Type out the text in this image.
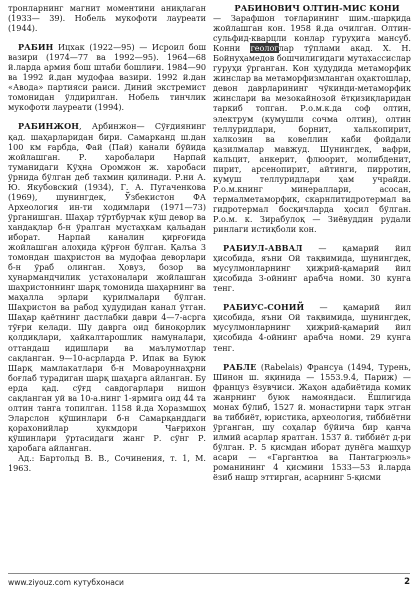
тронларнинг магнит моментини аниқлаган (1933— 39). Нобель мукофоти лауреати (1944).

РАБИН Ицхак (1922—95) — Исроил бош вазири (1974—77 ва 1992—95). 1964—68 й.ларда армия бош штаби бошлиғи. 1984—90 ва 1992 й.дан мудофаа вазири. 1992 й.дан «Авода» партияси раиси. Диний экстремист томонидан ўлдирилган. Нобель тинчлик мукофоти лауреати (1994).

РАБИНЖОН, Арбинжон— Сўғдиянинг қад. шаҳарларидан бири. Самарканд ш.дан 100 км ғарбда, Фай (Пай) канали бўйида жойлашган. Р. харобалари Нарпай туманидаги Кўҳна Оромжон ж. харобаси ўрнида бўлган деб тахмин қилинади. Р.ни А. Ю. Якубовский (1934), Г. А. Пугаченкова (1969), шунингдек, Ўзбекистон ФА Археология ин-ти ходимлари (1971—73) ўрганишган. Шаҳар тўртбурчак кўш девор ва хандақлар б-н ўралган мустаҳкам қальадан иборат. Нарпай каналин қирғоғида жойлашган алоҳида қўрғон бўлган. Қалъа 3 томондан шаҳристон ва мудофаа деворлари б-н ўраб олинган. Ҳовуз, бозор ва ҳунармандчилик устахоналари жойлашган шаҳристоннинг шарқ томонида шаҳарнинг ва маҳалла эрлари қурилмалари бўлган. Шаҳристон ва рабод ҳудудидан канал ўтган. Шаҳар қаётнинг дастлабки даври 4—7-асрга тўғри келади. Шу даврга оид биноқорлик қолдиқлари, ҳайкалтарошлик намуналари, оттандаш идишлари ва маълумотлар сақланган. 9—10-асрларда Р. Ипак ва Буюк Шарқ мамлакатлари б-н Мовароуннаҳрни боғлаб турадиган шарқ шаҳарга айланган. Бу ерда қад. сўғд савдогарлари нишон сақланган уй ва 10-а.нинг 1-ярмига оид 44 та олтин танга топилган. 1158 й.да Хоразмшоҳ Эларслон қўшинлари б-н Самарқанддаги қорахонийлар ҳукмдори Чағрихон қўшинлари ўртасидаги жанг Р. сўнг Р. ҳаробага айланган.

Ад.: Бартольд В. В., Сочинения, т. 1, М. 1963.

РАБИНОВИЧ ОЛТИН-МИС КОНИ

— Зарафшон тоғларининг шим.-шарқида жойлашган кон. 1958 й.да очилган. Олтин-сульфид-кварцли конлар гуруҳига мансуб. Конни геологлар тўплами акад. Х. Н. Бойнуҳамедов бошчилигидаги мутахассислар гуруҳи ўрганган. Кон ҳудудида метаморфик жинслар ва метаморфизмланган оҳактошлар, девон даврларининг чўкинди-метаморфик жинслари ва мезокайнозой ётқизиқларидан таркиб топган. Р.о.м.к.да соф олтин, электрум (кумушли сочма олтин), олтин теллуридлари, борнит, халькопирит, халкозин ва ковеллин каби фойдали қазилмалар мавжуд. Шунингдек, вафри, кальцит, анкерит, флюорит, молибденит, пирит, арсенопирит, айтинги, пирротин, кумуш теллуридлари ҳам учрайди. Р.о.м.книнг минераллари, асосан, термалметаморфик, скарнлитидротермал ва гидротермал босқичларда ҳосил бўлган. Р.о.м. к. Зирабулоқ — Зиёвуддин рудали ринлаги истиқболи кон.

РАБИУЛ-АВВАЛ — қамарий йил ҳисобида, яъни Ой тақвимида, шунингдек, мусулмонларнинг ҳижрий-қамарий йил ҳисобида 3-ойнинг арабча номи. 30 кунга тенг.

РАБИУС-СОНИЙ — қамарий йил ҳисобида, яъни Ой тақвимида, шунингдек, мусулмонларнинг ҳижрий-қамарий йил ҳисобида 4-ойнинг арабча номи. 29 кунга тенг.

РАБЛЕ (Rabelais) Франсуа (1494, Турень, Шинон ш. яқинида — 1553.9.4, Париж) — француз ёзувчиси. Жаҳон адабиётида комик жанрнинг буюк намояндаси. Ёшлигида монах бўлиб, 1527 й. монастирни тарк этган ва тиббиёт, юристика, археология, тиббиётни ўрганган, шу соҳалар бўйича бир қанча илмий асарлар яратган. 1537 й. тиббиёт д-ри бўлган. Р. 5 қисмдан иборат дунёга машҳур асари — «Гаргантюа ва Пантагрюэль» романининг 4 қисмини 1533—53 й.ларда ёзиб нашр эттирган, асарнинг 5-қисми

www.ziyouz.com кутубхонаси	2
